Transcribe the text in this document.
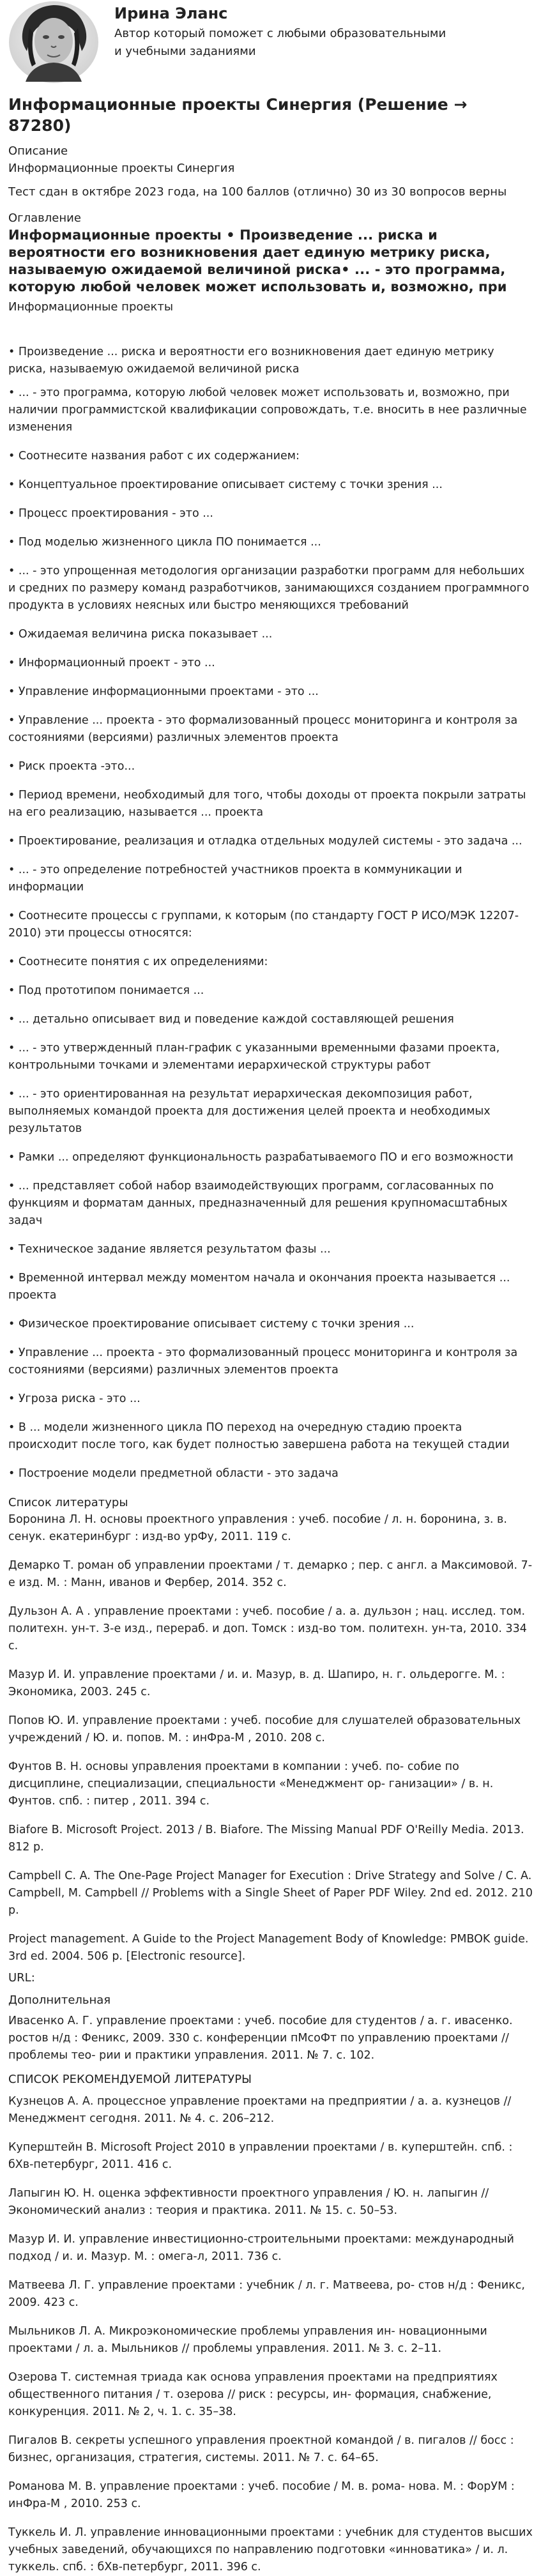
Ирина Эланс
Автор который поможет с любыми образовательными и учебными заданиями
Информационные проекты Синергия (Решение → 87280)
Описание
Информационные проекты Синергия
Тест сдан в октябре 2023 года, на 100 баллов (отлично) 30 из 30 вопросов верны
Оглавление
Информационные проекты • Произведение ... риска и вероятности его возникновения дает единую метрику риска, называемую ожидаемой величиной риска• ... - это программа, которую любой человек может использовать и, возможно, при
Информационные проекты
• Произведение ... риска и вероятности его возникновения дает единую метрику риска, называемую ожидаемой величиной риска
• ... - это программа, которую любой человек может использовать и, возможно, при наличии программистской квалификации сопровождать, т.е. вносить в нее различные изменения
• Соотнесите названия работ с их содержанием:
• Концептуальное проектирование описывает систему с точки зрения ...
• Процесс проектирования - это ...
• Под моделью жизненного цикла ПО понимается ...
• ... - это упрощенная методология организации разработки программ для небольших и средних по размеру команд разработчиков, занимающихся созданием программного продукта в условиях неясных или быстро меняющихся требований
• Ожидаемая величина риска показывает ...
• Информационный проект - это ...
• Управление информационными проектами - это ...
• Управление ... проекта - это формализованный процесс мониторинга и контроля за состояниями (версиями) различных элементов проекта
• Риск проекта -это...
• Период времени, необходимый для того, чтобы доходы от проекта покрыли затраты на его реализацию, называется ... проекта
• Проектирование, реализация и отладка отдельных модулей системы - это задача ...
• ... - это определение потребностей участников проекта в коммуникации и информации
• Соотнесите процессы с группами, к которым (по стандарту ГОСТ Р ИСО/МЭК 12207-2010) эти процессы относятся:
• Соотнесите понятия с их определениями:
• Под прототипом понимается ...
• ... детально описывает вид и поведение каждой составляющей решения
• ... - это утвержденный план-график с указанными временными фазами проекта, контрольными точками и элементами иерархической структуры работ
• ... - это ориентированная на результат иерархическая декомпозиция работ, выполняемых командой проекта для достижения целей проекта и необходимых результатов
• Рамки ... определяют функциональность разрабатываемого ПО и его возможности
• ... представляет собой набор взаимодействующих программ, согласованных по функциям и форматам данных, предназначенный для решения крупномасштабных задач
• Техническое задание является результатом фазы ...
• Временной интервал между моментом начала и окончания проекта называется ... проекта
• Физическое проектирование описывает систему с точки зрения ...
• Управление ... проекта - это формализованный процесс мониторинга и контроля за состояниями (версиями) различных элементов проекта
• Угроза риска - это ...
• В ... модели жизненного цикла ПО переход на очередную стадию проекта происходит после того, как будет полностью завершена работа на текущей стадии
• Построение модели предметной области - это задача
Список литературы
Боронина Л. Н. основы проектного управления : учеб. пособие / л. н. боронина, з. в. сенук. екатеринбург : изд-во урФу, 2011. 119 с.
Демарко Т. роман об управлении проектами / т. демарко ; пер. с англ. а Максимовой. 7-е изд. М. : Манн, иванов и Фербер, 2014. 352 с.
Дульзон А. А . управление проектами : учеб. пособие / а. а. дульзон ; нац. исслед. том. политехн. ун-т. 3-е изд., перераб. и доп. Томск : изд-во том. политехн. ун-та, 2010. 334 с.
Мазур И. И. управление проектами / и. и. Мазур, в. д. Шапиро, н. г. ольдерогге. М. : Экономика, 2003. 245 с.
Попов Ю. И. управление проектами : учеб. пособие для слушателей образовательных учреждений / Ю. и. попов. М. : инФра-М , 2010. 208 с.
Фунтов В. Н. основы управления проектами в компании : учеб. по- собие по дисциплине, специализации, специальности «Менеджмент ор- ганизации» / в. н. Фунтов. спб. : питер , 2011. 394 с.
Biafore B. Microsoft Project. 2013 / B. Biafore. The Missing Manual PDF O'Reilly Media. 2013. 812 p.
Campbell C. A. The One-Page Project Manager for Execution : Drive Strategy and Solve / C. A. Campbell, M. Campbell // Problems with a Single Sheet of Paper PDF Wiley. 2nd ed. 2012. 210 p.
Project management. A Guide to the Project Management Body of Knowledge: PMBOK guide. 3rd ed. 2004. 506 p. [Electronic resource].
URL:
Дополнительная
Ивасенко А. Г. управление проектами : учеб. пособие для студентов / а. г. ивасенко. ростов н/д : Феникс, 2009. 330 с. конференции пМсоФт по управлению проектами // проблемы тео- рии и практики управления. 2011. № 7. с. 102.
СПИСОК РЕКОМЕНДУЕМОЙ ЛИТЕРАТУРЫ
Кузнецов А. А. процессное управление проектами на предприятии / а. а. кузнецов // Менеджмент сегодня. 2011. № 4. с. 206–212.
Куперштейн В. Microsoft Project 2010 в управлении проектами / в. куперштейн. спб. : бХв-петербург, 2011. 416 с.
Лапыгин Ю. Н. оценка эффективности проектного управления / Ю. н. лапыгин // Экономический анализ : теория и практика. 2011. № 15. с. 50–53.
Мазур И. И. управление инвестиционно-строительными проектами: международный подход / и. и. Мазур. М. : омега-л, 2011. 736 с.
Матвеева Л. Г. управление проектами : учебник / л. г. Матвеева, ро- стов н/д : Феникс, 2009. 423 с.
Мыльников Л. А. Микроэкономические проблемы управления ин- новационными проектами / л. а. Мыльников // проблемы управления. 2011. № 3. с. 2–11.
Озерова Т. системная триада как основа управления проектами на предприятиях общественного питания / т. озерова // риск : ресурсы, ин- формация, снабжение, конкуренция. 2011. № 2, ч. 1. с. 35–38.
Пигалов В. секреты успешного управления проектной командой / в. пигалов // босс : бизнес, организация, стратегия, системы. 2011. № 7. с. 64–65.
Романова М. В. управление проектами : учеб. пособие / М. в. рома- нова. М. : ФорУМ : инФра-М , 2010. 253 с.
Туккель И. Л. управление инновационными проектами : учебник для студентов высших учебных заведений, обучающихся по направлению подготовки «инноватика» / и. л. туккель. спб. : бХв-петербург, 2011. 396 с.
